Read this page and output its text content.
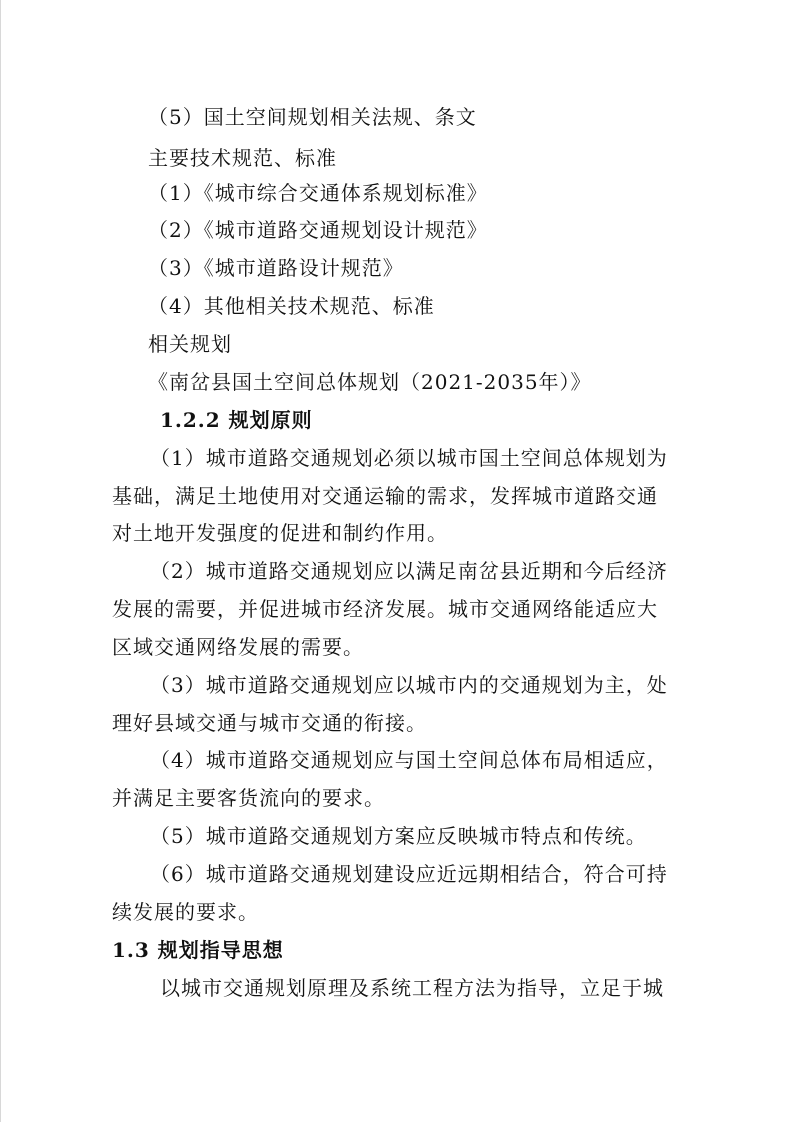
（5）国土空间规划相关法规、条文
主要技术规范、标准
（1）《城市综合交通体系规划标准》
（2）《城市道路交通规划设计规范》
（3）《城市道路设计规范》
（4）其他相关技术规范、标准
相关规划
《南岔县国土空间总体规划（2021-2035年）》
1.2.2 规划原则
（1）城市道路交通规划必须以城市国土空间总体规划为
基础，满足土地使用对交通运输的需求，发挥城市道路交通
对土地开发强度的促进和制约作用。
（2）城市道路交通规划应以满足南岔县近期和今后经济
发展的需要，并促进城市经济发展。城市交通网络能适应大
区域交通网络发展的需要。
（3）城市道路交通规划应以城市内的交通规划为主，处
理好县域交通与城市交通的衔接。
（4）城市道路交通规划应与国土空间总体布局相适应，
并满足主要客货流向的要求。
（5）城市道路交通规划方案应反映城市特点和传统。
（6）城市道路交通规划建设应近远期相结合，符合可持
续发展的要求。
1.3 规划指导思想
以城市交通规划原理及系统工程方法为指导，立足于城
